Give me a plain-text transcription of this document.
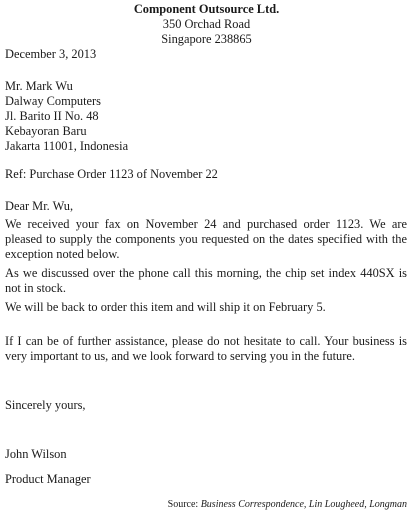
Component Outsource Ltd.
350 Orchad Road
Singapore 238865
December 3, 2013
Mr. Mark Wu
Dalway Computers
Jl. Barito II No. 48
Kebayoran Baru
Jakarta 11001, Indonesia
Ref: Purchase Order 1123 of November 22
Dear Mr. Wu,

We received your fax on November 24 and purchased order 1123. We are pleased to supply the components you requested on the dates specified with the exception noted below.

As we discussed over the phone call this morning, the chip set index 440SX is not in stock.

We will be back to order this item and will ship it on February 5.

If I can be of further assistance, please do not hesitate to call. Your business is very important to us, and we look forward to serving you in the future.

Sincerely yours,
John Wilson
Product Manager
Source: Business Correspondence, Lin Lougheed, Longman
